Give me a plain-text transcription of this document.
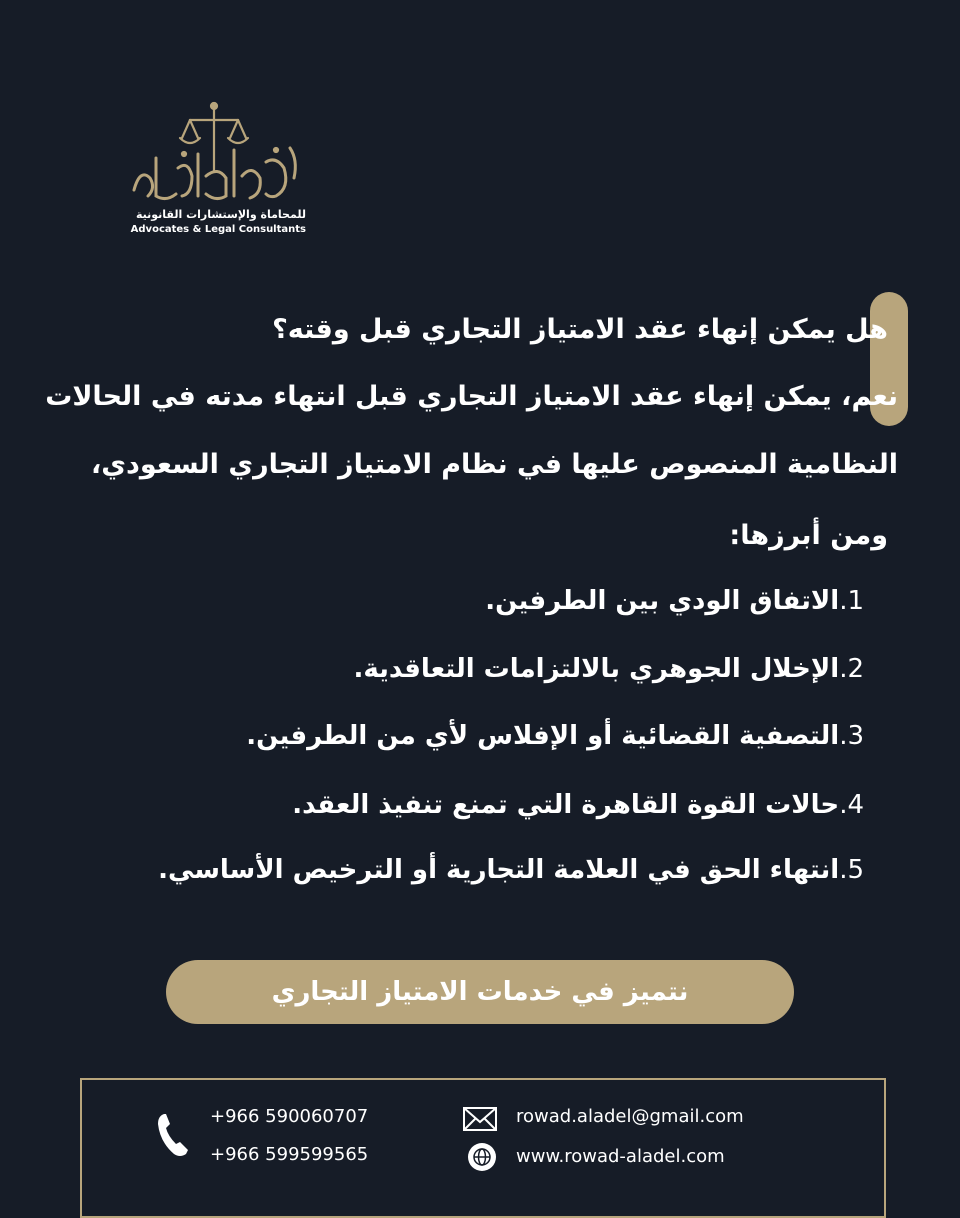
للمحاماة والإستشارات القانونية
Advocates & Legal Consultants
هل يمكن إنهاء عقد الامتياز التجاري قبل وقته؟
نعم، يمكن إنهاء عقد الامتياز التجاري قبل انتهاء مدته في الحالات
النظامية المنصوص عليها في نظام الامتياز التجاري السعودي،
ومن أبرزها:
1.الاتفاق الودي بين الطرفين.
2.الإخلال الجوهري بالالتزامات التعاقدية.
3.التصفية القضائية أو الإفلاس لأي من الطرفين.
4.حالات القوة القاهرة التي تمنع تنفيذ العقد.
5.انتهاء الحق في العلامة التجارية أو الترخيص الأساسي.
نتميز في خدمات الامتياز التجاري
+966 590060707
+966 599599565
rowad.aladel@gmail.com
www.rowad-aladel.com
